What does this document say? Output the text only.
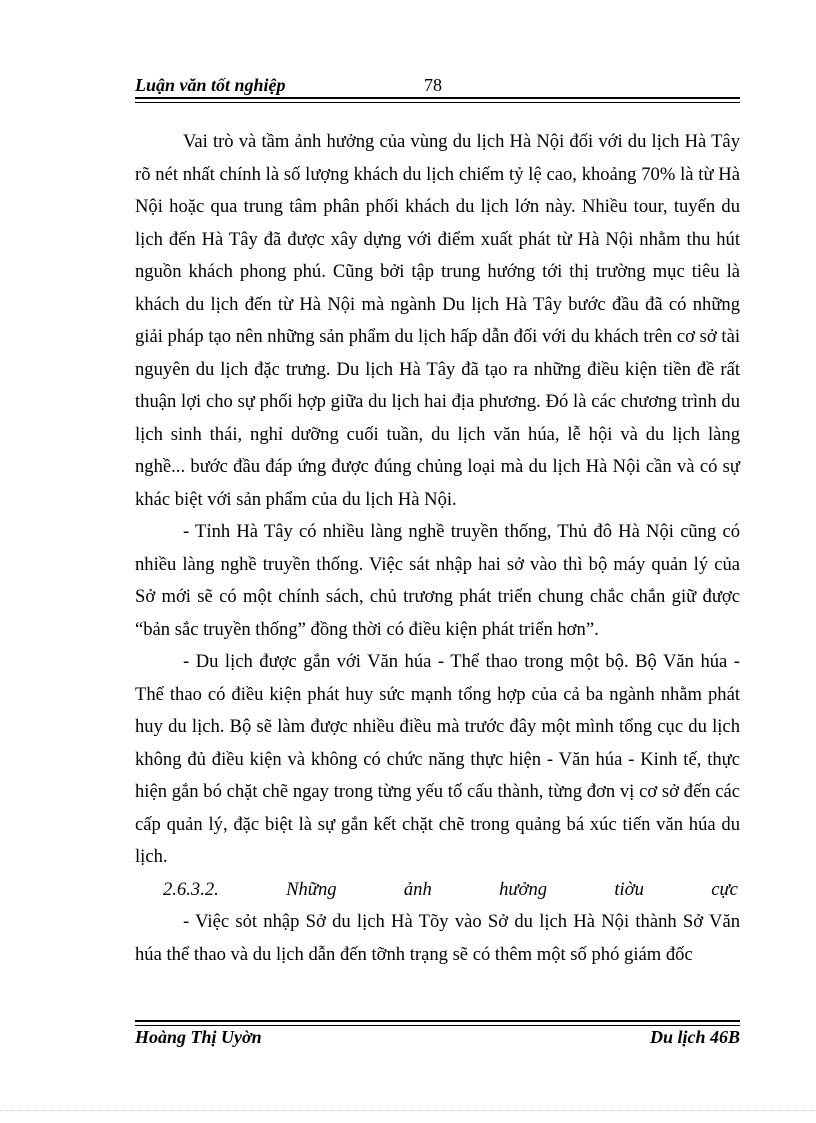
Luận văn tốt nghiệp	78

Vai trò và tầm ảnh hưởng của vùng du lịch Hà Nội đối với du lịch Hà Tây rõ nét nhất chính là số lượng khách du lịch chiếm tỷ lệ cao, khoảng 70% là từ Hà Nội hoặc qua trung tâm phân phối khách du lịch lớn này. Nhiều tour, tuyến du lịch đến Hà Tây đã được xây dựng với điểm xuất phát từ Hà Nội nhằm thu hút nguồn khách phong phú. Cũng bởi tập trung hướng tới thị trường mục tiêu là khách du lịch đến từ Hà Nội mà ngành Du lịch Hà Tây bước đầu đã có những giải pháp tạo nên những sản phẩm du lịch hấp dẫn đối với du khách trên cơ sở tài nguyên du lịch đặc trưng. Du lịch Hà Tây đã tạo ra những điều kiện tiền đề rất thuận lợi cho sự phối hợp giữa du lịch hai địa phương. Đó là các chương trình du lịch sinh thái, nghỉ dưỡng cuối tuần, du lịch văn húa, lễ hội và du lịch làng nghề... bước đầu đáp ứng được đúng chủng loại mà du lịch Hà Nội cần và có sự khác biệt với sản phẩm của du lịch Hà Nội.

- Tỉnh Hà Tây có nhiều làng nghề truyền thống, Thủ đô Hà Nội cũng có nhiều làng nghề truyền thống. Việc sát nhập hai sở vào thì bộ máy quản lý của Sở mới sẽ có một chính sách, chủ trương phát triển chung chắc chắn giữ được “bản sắc truyền thống” đồng thời có điều kiện phát triển hơn”.

- Du lịch được gắn với Văn húa - Thể thao trong một bộ. Bộ Văn húa - Thể thao có điều kiện phát huy sức mạnh tổng hợp của cả ba ngành nhằm phát huy du lịch. Bộ sẽ làm được nhiều điều mà trước đây một mình tổng cục du lịch không đủ điều kiện và không có chức năng thực hiện - Văn húa - Kinh tế, thực hiện gắn bó chặt chẽ ngay trong từng yếu tố cấu thành, từng đơn vị cơ sở đến các cấp quản lý, đặc biệt là sự gắn kết chặt chẽ trong quảng bá xúc tiến văn húa du lịch.

2.6.3.2.	Những	ảnh	hưởng	tiờu	cực

- Việc sỏt nhập Sở du lịch Hà Tõy vào Sở du lịch Hà Nội thành Sở Văn húa thể thao và du lịch dẫn đến tỡnh trạng sẽ có thêm một số phó giám đốc

Hoàng Thị Uyờn	Du lịch 46B
